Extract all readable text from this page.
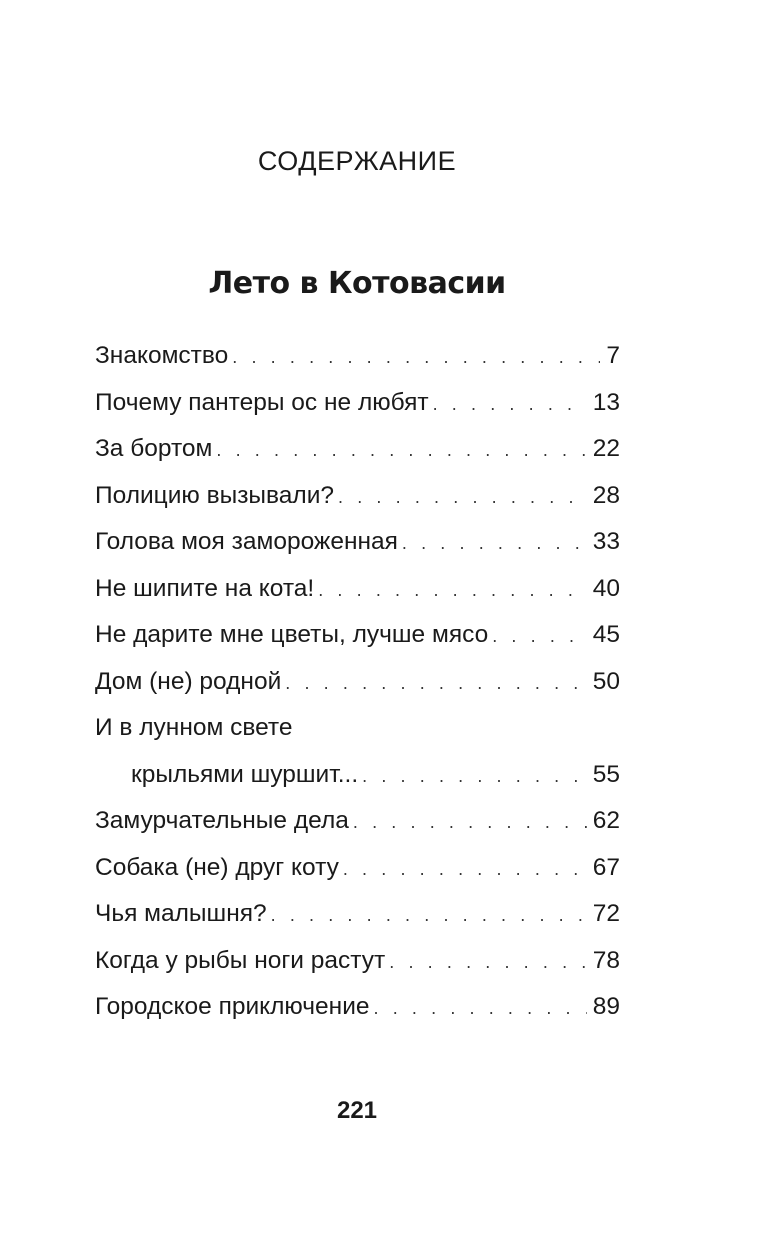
СОДЕРЖАНИЕ
Лето в Котовасии
Знакомство . . .	7
Почему пантеры ос не любят . . .	13
За бортом . . .	22
Полицию вызывали? . . .	28
Голова моя замороженная . . .	33
Не шипите на кота! . . .	40
Не дарите мне цветы, лучше мясо . . .	45
Дом (не) родной . . .	50
И в лунном свете
крыльями шуршит... . . .	55
Замурчательные дела . . .	62
Собака (не) друг коту . . .	67
Чья малышня? . . .	72
Когда у рыбы ноги растут . . .	78
Городское приключение . . .	89
221
